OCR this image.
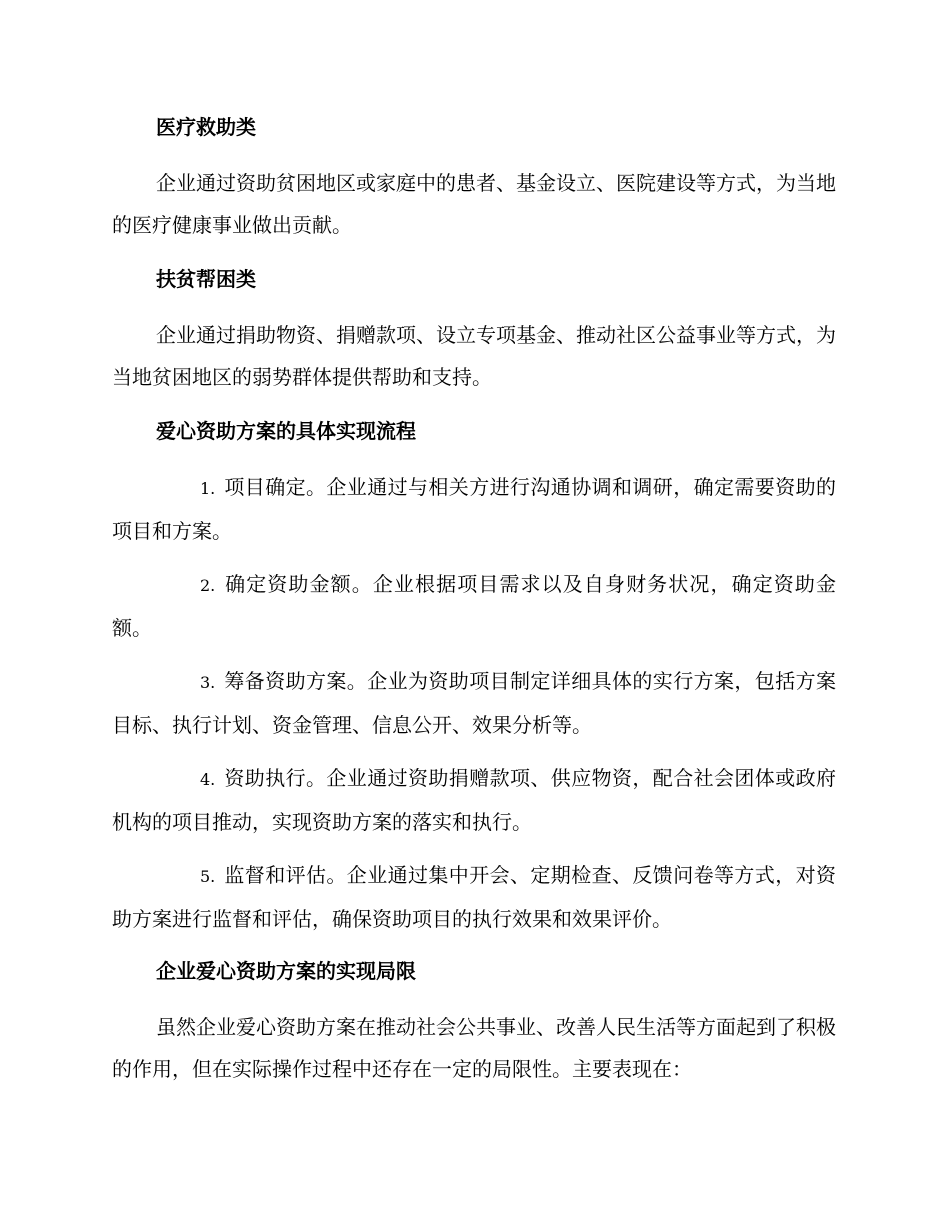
医疗救助类
企业通过资助贫困地区或家庭中的患者、基金设立、医院建设等方式，为当地的医疗健康事业做出贡献。
扶贫帮困类
企业通过捐助物资、捐赠款项、设立专项基金、推动社区公益事业等方式，为当地贫困地区的弱势群体提供帮助和支持。
爱心资助方案的具体实现流程
1. 项目确定。企业通过与相关方进行沟通协调和调研，确定需要资助的项目和方案。
2. 确定资助金额。企业根据项目需求以及自身财务状况，确定资助金额。
3. 筹备资助方案。企业为资助项目制定详细具体的实行方案，包括方案目标、执行计划、资金管理、信息公开、效果分析等。
4. 资助执行。企业通过资助捐赠款项、供应物资，配合社会团体或政府机构的项目推动，实现资助方案的落实和执行。
5. 监督和评估。企业通过集中开会、定期检查、反馈问卷等方式，对资助方案进行监督和评估，确保资助项目的执行效果和效果评价。
企业爱心资助方案的实现局限
虽然企业爱心资助方案在推动社会公共事业、改善人民生活等方面起到了积极的作用，但在实际操作过程中还存在一定的局限性。主要表现在：
